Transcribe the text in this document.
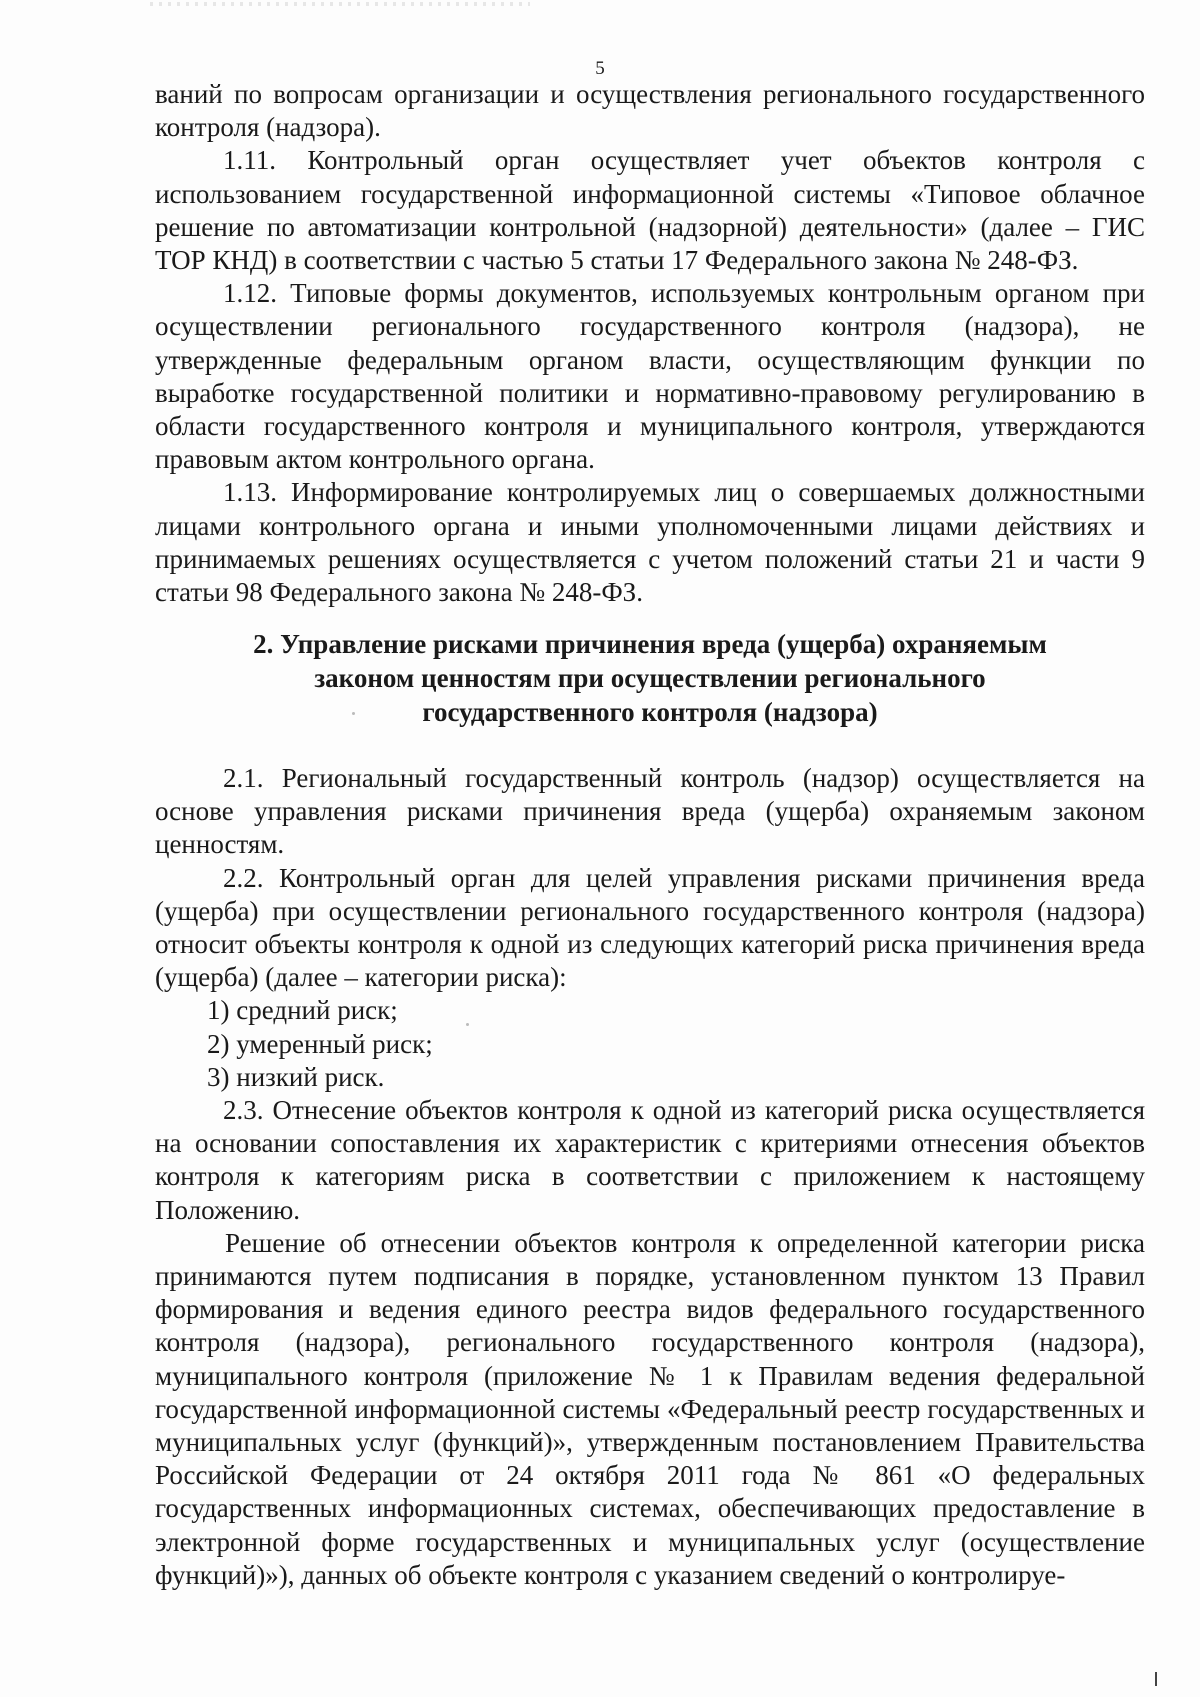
5

ваний по вопросам организации и осуществления регионального государственного контроля (надзора).

1.11. Контрольный орган осуществляет учет объектов контроля с использованием государственной информационной системы «Типовое облачное решение по автоматизации контрольной (надзорной) деятельности» (далее – ГИС ТОР КНД) в соответствии с частью 5 статьи 17 Федерального закона № 248-ФЗ.

1.12. Типовые формы документов, используемых контрольным органом при осуществлении регионального государственного контроля (надзора), не утвержденные федеральным органом власти, осуществляющим функции по выработке государственной политики и нормативно-правовому регулированию в области государственного контроля и муниципального контроля, утверждаются правовым актом контрольного органа.

1.13. Информирование контролируемых лиц о совершаемых должностными лицами контрольного органа и иными уполномоченными лицами действиях и принимаемых решениях осуществляется с учетом положений статьи 21 и части 9 статьи 98 Федерального закона № 248-ФЗ.

2. Управление рисками причинения вреда (ущерба) охраняемым
законом ценностям при осуществлении регионального
государственного контроля (надзора)

2.1. Региональный государственный контроль (надзор) осуществляется на основе управления рисками причинения вреда (ущерба) охраняемым законом ценностям.

2.2. Контрольный орган для целей управления рисками причинения вреда (ущерба) при осуществлении регионального государственного контроля (надзора) относит объекты контроля к одной из следующих категорий риска причинения вреда (ущерба) (далее – категории риска):

1) средний риск;

2) умеренный риск;

3) низкий риск.

2.3. Отнесение объектов контроля к одной из категорий риска осуществляется на основании сопоставления их характеристик с критериями отнесения объектов контроля к категориям риска в соответствии с приложением к настоящему Положению.

Решение об отнесении объектов контроля к определенной категории риска принимаются путем подписания в порядке, установленном пунктом 13 Правил формирования и ведения единого реестра видов федерального государственного контроля (надзора), регионального государственного контроля (надзора), муниципального контроля (приложение № 1 к Правилам ведения федеральной государственной информационной системы «Федеральный реестр государственных и муниципальных услуг (функций)», утвержденным постановлением Правительства Российской Федерации от 24 октября 2011 года № 861 «О федеральных государственных информационных системах, обеспечивающих предоставление в электронной форме государственных и муниципальных услуг (осуществление функций)»), данных об объекте контроля с указанием сведений о контролируе-
